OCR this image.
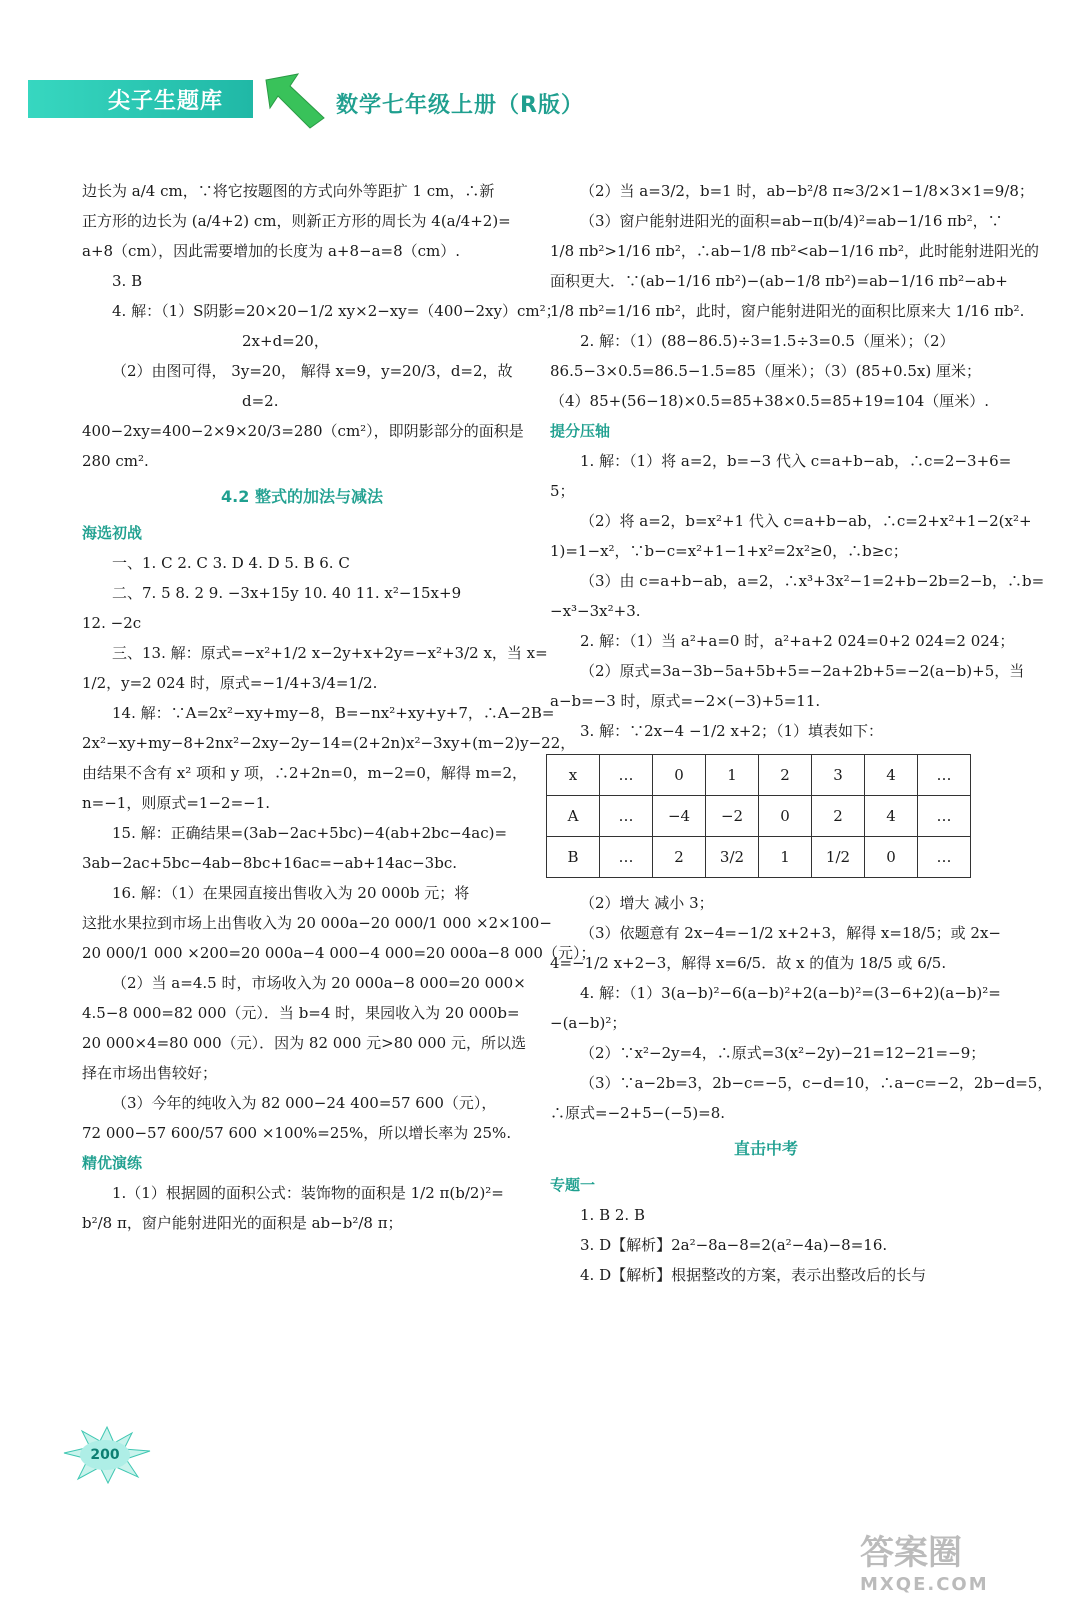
尖子生题库	数学七年级上册（R版）
边长为 a/4 cm，∵将它按题图的方式向外等距扩 1 cm，∴新
正方形的边长为 (a/4+2) cm，则新正方形的周长为 4(a/4+2)=
a+8（cm），因此需要增加的长度为 a+8−a=8（cm）.
3. B
4. 解：（1）S阴影=20×20−1/2 xy×2−xy=（400−2xy）cm²；
2x+d=20，
（2）由图可得， 3y=20， 解得 x=9，y=20/3，d=2，故
d=2.
400−2xy=400−2×9×20/3=280（cm²），即阴影部分的面积是
280 cm².
4.2 整式的加法与减法
海选初战
一、1. C 2. C 3. D 4. D 5. B 6. C
二、7. 5 8. 2 9. −3x+15y 10. 40 11. x²−15x+9
12. −2c
三、13. 解：原式=−x²+1/2 x−2y+x+2y=−x²+3/2 x，当 x=
1/2，y=2 024 时，原式=−1/4+3/4=1/2.
14. 解：∵A=2x²−xy+my−8，B=−nx²+xy+y+7，∴A−2B=
2x²−xy+my−8+2nx²−2xy−2y−14=(2+2n)x²−3xy+(m−2)y−22，
由结果不含有 x² 项和 y 项，∴2+2n=0，m−2=0，解得 m=2，
n=−1，则原式=1−2=−1.
15. 解：正确结果=(3ab−2ac+5bc)−4(ab+2bc−4ac)=
3ab−2ac+5bc−4ab−8bc+16ac=−ab+14ac−3bc.
16. 解：（1）在果园直接出售收入为 20 000b 元；将
这批水果拉到市场上出售收入为 20 000a−20 000/1 000 ×2×100−
20 000/1 000 ×200=20 000a−4 000−4 000=20 000a−8 000（元）；
（2）当 a=4.5 时，市场收入为 20 000a−8 000=20 000×
4.5−8 000=82 000（元）．当 b=4 时，果园收入为 20 000b=
20 000×4=80 000（元）．因为 82 000 元>80 000 元，所以选
择在市场出售较好；
（3）今年的纯收入为 82 000−24 400=57 600（元），
72 000−57 600/57 600 ×100%=25%，所以增长率为 25%.
精优演练
1.（1）根据圆的面积公式：装饰物的面积是 1/2 π(b/2)²=
b²/8 π，窗户能射进阳光的面积是 ab−b²/8 π；
（2）当 a=3/2，b=1 时，ab−b²/8 π≈3/2×1−1/8×3×1=9/8；
（3）窗户能射进阳光的面积=ab−π(b/4)²=ab−1/16 πb²，∵
1/8 πb²>1/16 πb²，∴ab−1/8 πb²<ab−1/16 πb²，此时能射进阳光的
面积更大．∵(ab−1/16 πb²)−(ab−1/8 πb²)=ab−1/16 πb²−ab+
1/8 πb²=1/16 πb²，此时，窗户能射进阳光的面积比原来大 1/16 πb².
2. 解：（1）(88−86.5)÷3=1.5÷3=0.5（厘米）；（2）
86.5−3×0.5=86.5−1.5=85（厘米）；（3）(85+0.5x) 厘米；
（4）85+(56−18)×0.5=85+38×0.5=85+19=104（厘米）.
提分压轴
1. 解：（1）将 a=2，b=−3 代入 c=a+b−ab，∴c=2−3+6=
5；
（2）将 a=2，b=x²+1 代入 c=a+b−ab，∴c=2+x²+1−2(x²+
1)=1−x²，∵b−c=x²+1−1+x²=2x²≥0，∴b≥c；
（3）由 c=a+b−ab，a=2，∴x³+3x²−1=2+b−2b=2−b，∴b=
−x³−3x²+3.
2. 解：（1）当 a²+a=0 时，a²+a+2 024=0+2 024=2 024；
（2）原式=3a−3b−5a+5b+5=−2a+2b+5=−2(a−b)+5，当
a−b=−3 时，原式=−2×(−3)+5=11.
3. 解：∵2x−4 −1/2 x+2；（1）填表如下：
x	…	0	1	2	3	4	…
A	…	−4	−2	0	2	4	…
B	…	2	3/2	1	1/2	0	…
（2）增大 减小 3；
（3）依题意有 2x−4=−1/2 x+2+3，解得 x=18/5；或 2x−
4=−1/2 x+2−3，解得 x=6/5．故 x 的值为 18/5 或 6/5.
4. 解：（1）3(a−b)²−6(a−b)²+2(a−b)²=(3−6+2)(a−b)²=
−(a−b)²；
（2）∵x²−2y=4，∴原式=3(x²−2y)−21=12−21=−9；
（3）∵a−2b=3，2b−c=−5，c−d=10，∴a−c=−2，2b−d=5，
∴原式=−2+5−(−5)=8.
直击中考
专题一
1. B 2. B
3. D【解析】2a²−8a−8=2(a²−4a)−8=16.
4. D【解析】根据整改的方案，表示出整改后的长与
200
答案圈
MXQE.COM
